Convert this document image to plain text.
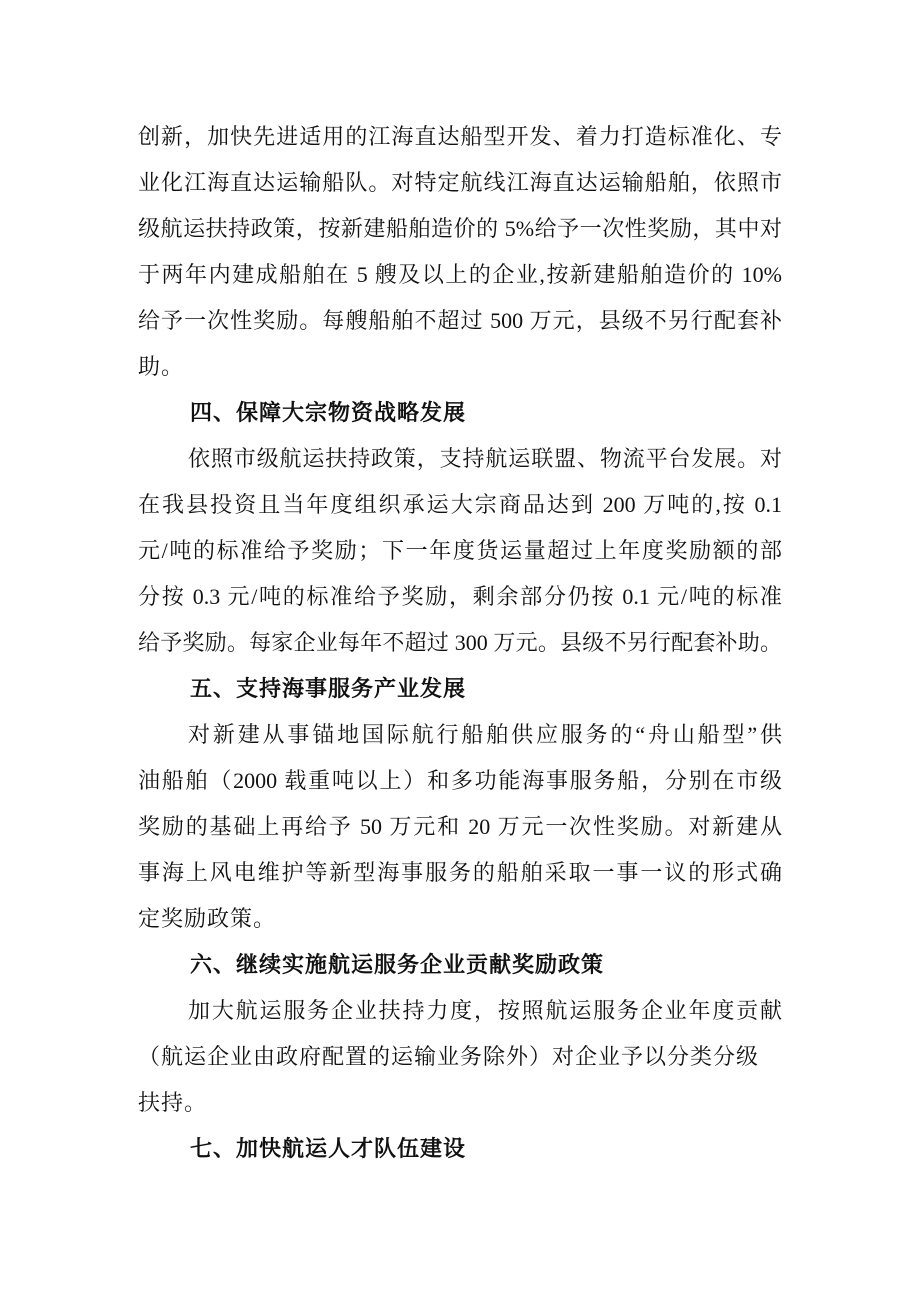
创新，加快先进适用的江海直达船型开发、着力打造标准化、专
业化江海直达运输船队。对特定航线江海直达运输船舶，依照市
级航运扶持政策，按新建船舶造价的 5%给予一次性奖励，其中对
于两年内建成船舶在 5 艘及以上的企业,按新建船舶造价的 10%
给予一次性奖励。每艘船舶不超过 500 万元，县级不另行配套补
助。
四、保障大宗物资战略发展
依照市级航运扶持政策，支持航运联盟、物流平台发展。对
在我县投资且当年度组织承运大宗商品达到 200 万吨的,按 0.1
元/吨的标准给予奖励；下一年度货运量超过上年度奖励额的部
分按 0.3 元/吨的标准给予奖励，剩余部分仍按 0.1 元/吨的标准
给予奖励。每家企业每年不超过 300 万元。县级不另行配套补助。
五、支持海事服务产业发展
对新建从事锚地国际航行船舶供应服务的“舟山船型”供
油船舶（2000 载重吨以上）和多功能海事服务船，分别在市级
奖励的基础上再给予 50 万元和 20 万元一次性奖励。对新建从
事海上风电维护等新型海事服务的船舶采取一事一议的形式确
定奖励政策。
六、继续实施航运服务企业贡献奖励政策
加大航运服务企业扶持力度，按照航运服务企业年度贡献
（航运企业由政府配置的运输业务除外）对企业予以分类分级
扶持。
七、加快航运人才队伍建设
